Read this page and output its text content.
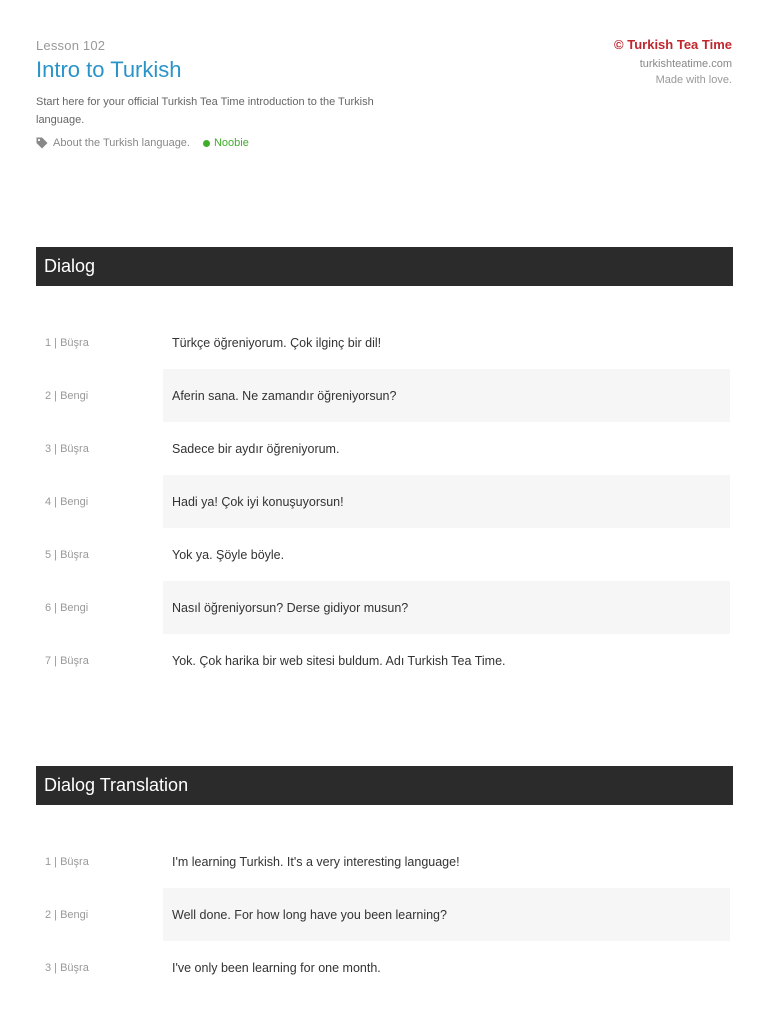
Lesson 102
Intro to Turkish
Start here for your official Turkish Tea Time introduction to the Turkish language.
About the Turkish language. Noobie
© Turkish Tea Time
turkishteatime.com
Made with love.
Dialog
1 | Büşra	Türkçe öğreniyorum. Çok ilginç bir dil!
2 | Bengi	Aferin sana. Ne zamandır öğreniyorsun?
3 | Büşra	Sadece bir aydır öğreniyorum.
4 | Bengi	Hadi ya! Çok iyi konuşuyorsun!
5 | Büşra	Yok ya. Şöyle böyle.
6 | Bengi	Nasıl öğreniyorsun? Derse gidiyor musun?
7 | Büşra	Yok. Çok harika bir web sitesi buldum. Adı Turkish Tea Time.
Dialog Translation
1 | Büşra	I'm learning Turkish. It's a very interesting language!
2 | Bengi	Well done. For how long have you been learning?
3 | Büşra	I've only been learning for one month.
